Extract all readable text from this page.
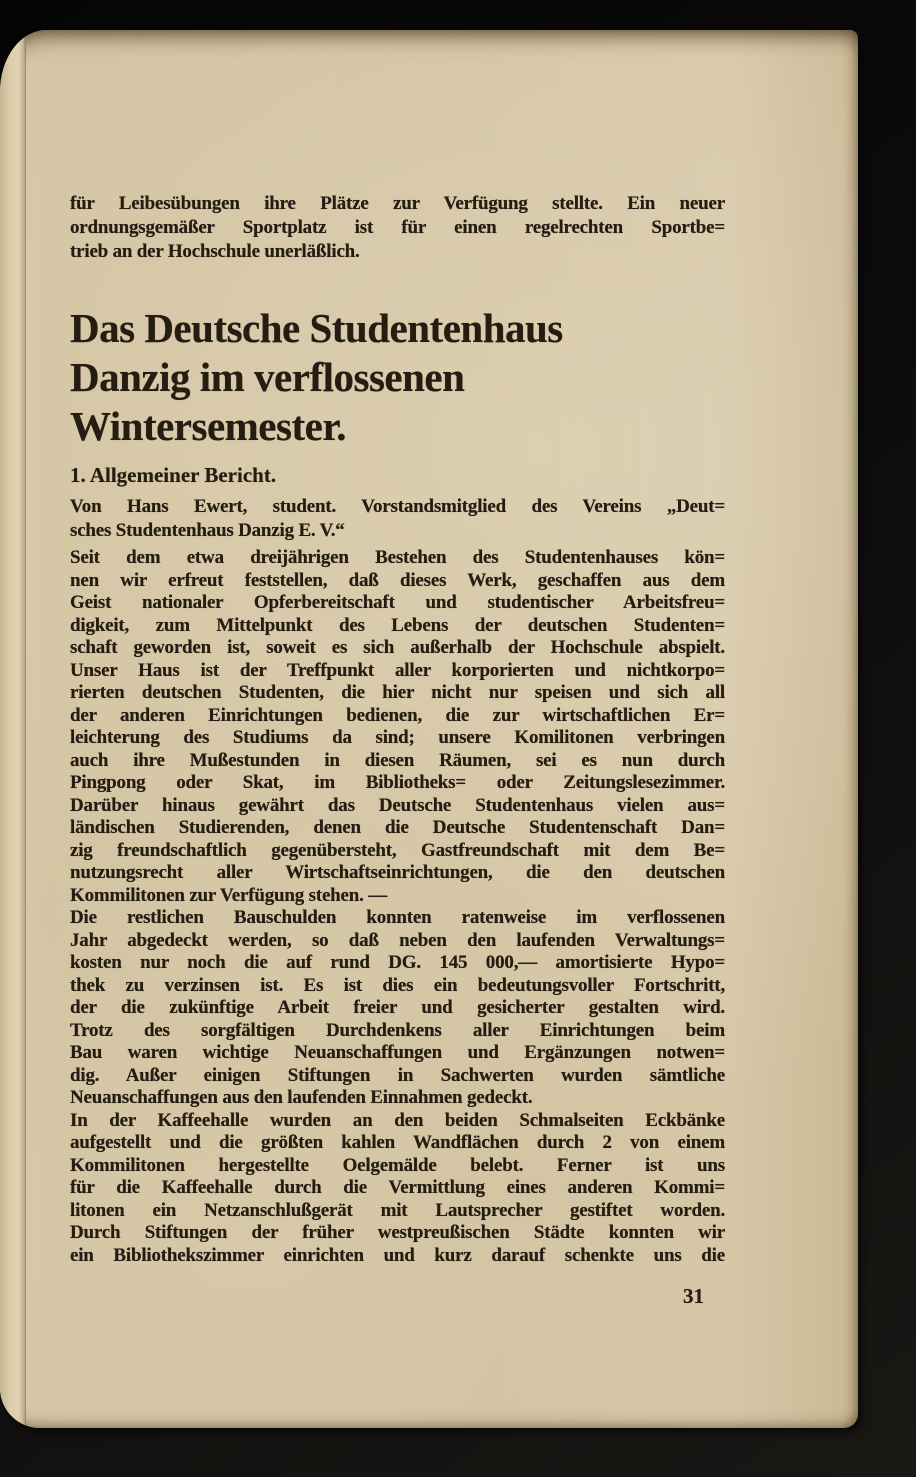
für Leibesübungen ihre Plätze zur Verfügung stellte. Ein neuer
ordnungsgemäßer Sportplatz ist für einen regelrechten Sportbe=
trieb an der Hochschule unerläßlich.
Das Deutsche Studentenhaus
Danzig im verflossenen
Wintersemester.
1. Allgemeiner Bericht.
Von Hans Ewert, student. Vorstandsmitglied des Vereins „Deut=
sches Studentenhaus Danzig E. V.“
Seit dem etwa dreijährigen Bestehen des Studentenhauses kön=
nen wir erfreut feststellen, daß dieses Werk, geschaffen aus dem
Geist nationaler Opferbereitschaft und studentischer Arbeitsfreu=
digkeit, zum Mittelpunkt des Lebens der deutschen Studenten=
schaft geworden ist, soweit es sich außerhalb der Hochschule abspielt.
Unser Haus ist der Treffpunkt aller korporierten und nichtkorpo=
rierten deutschen Studenten, die hier nicht nur speisen und sich all
der anderen Einrichtungen bedienen, die zur wirtschaftlichen Er=
leichterung des Studiums da sind; unsere Komilitonen verbringen
auch ihre Mußestunden in diesen Räumen, sei es nun durch
Pingpong oder Skat, im Bibliotheks= oder Zeitungslesezimmer.
Darüber hinaus gewährt das Deutsche Studentenhaus vielen aus=
ländischen Studierenden, denen die Deutsche Studentenschaft Dan=
zig freundschaftlich gegenübersteht, Gastfreundschaft mit dem Be=
nutzungsrecht aller Wirtschaftseinrichtungen, die den deutschen
Kommilitonen zur Verfügung stehen. —
Die restlichen Bauschulden konnten ratenweise im verflossenen
Jahr abgedeckt werden, so daß neben den laufenden Verwaltungs=
kosten nur noch die auf rund DG. 145 000,— amortisierte Hypo=
thek zu verzinsen ist. Es ist dies ein bedeutungsvoller Fortschritt,
der die zukünftige Arbeit freier und gesicherter gestalten wird.
Trotz des sorgfältigen Durchdenkens aller Einrichtungen beim
Bau waren wichtige Neuanschaffungen und Ergänzungen notwen=
dig. Außer einigen Stiftungen in Sachwerten wurden sämtliche
Neuanschaffungen aus den laufenden Einnahmen gedeckt.
In der Kaffeehalle wurden an den beiden Schmalseiten Eckbänke
aufgestellt und die größten kahlen Wandflächen durch 2 von einem
Kommilitonen hergestellte Oelgemälde belebt. Ferner ist uns
für die Kaffeehalle durch die Vermittlung eines anderen Kommi=
litonen ein Netzanschlußgerät mit Lautsprecher gestiftet worden.
Durch Stiftungen der früher westpreußischen Städte konnten wir
ein Bibliothekszimmer einrichten und kurz darauf schenkte uns die
31
